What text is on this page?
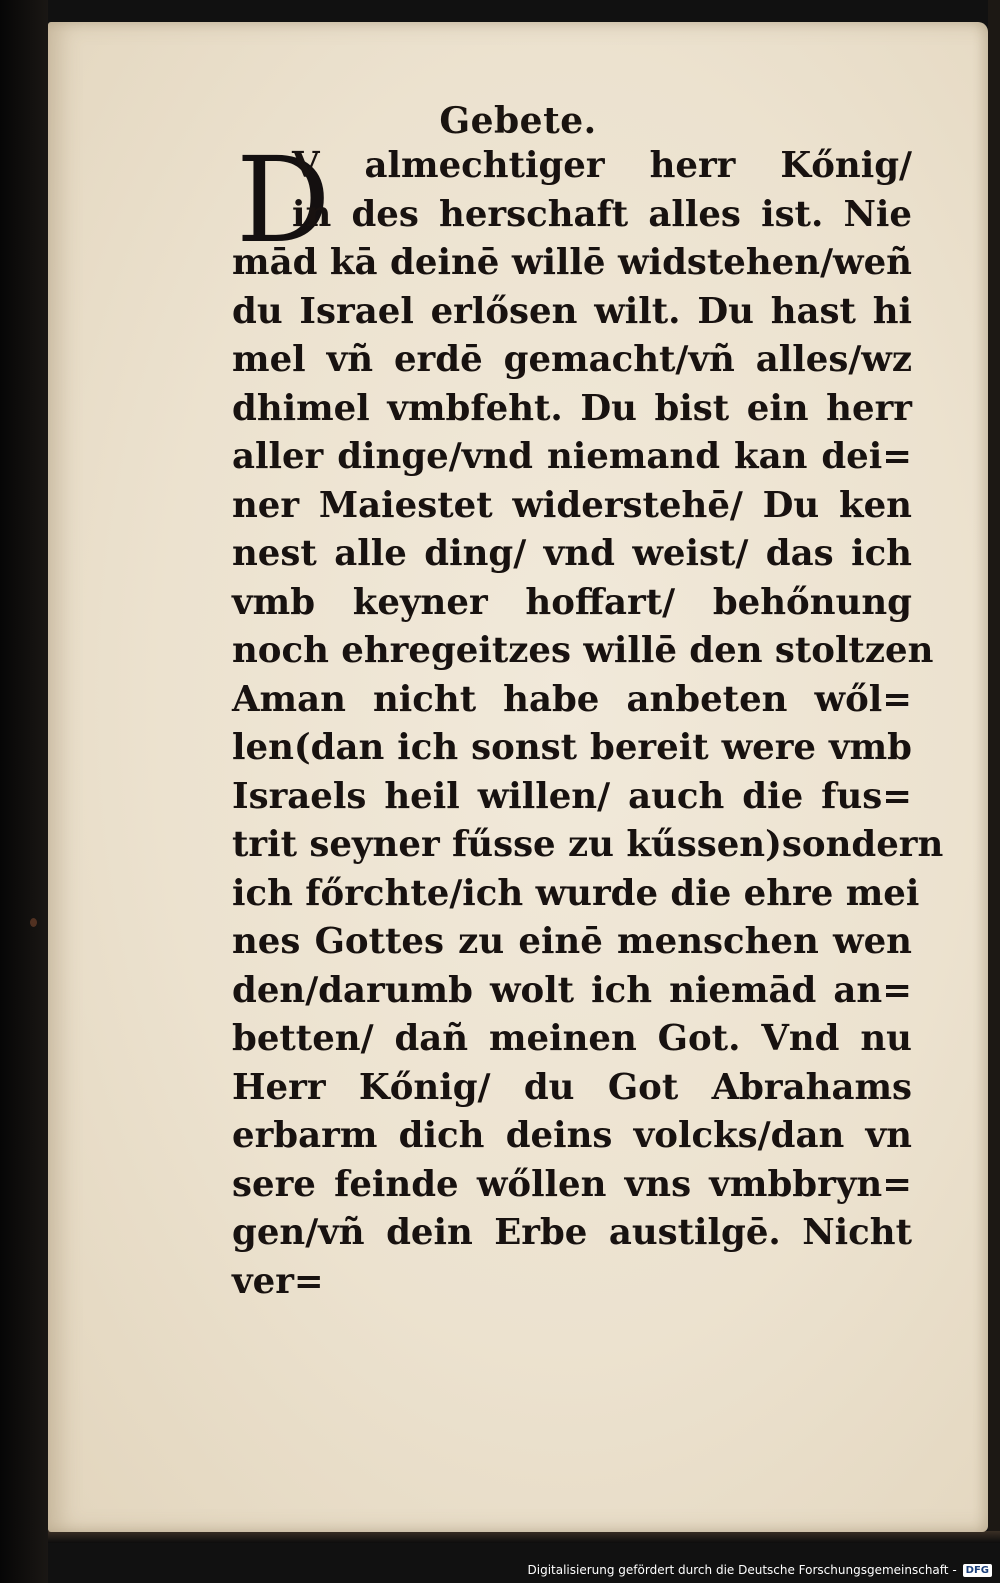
Gebete.
D
V almechtiger herr Kőnig/
in des herschaft alles ist. Nie
mād kā deinē willē widstehen/weñ
du Israel erlősen wilt. Du hast hi
mel vñ erdē gemacht/vñ alles/wz
dhimel vmbfeht. Du bist ein herr
aller dinge/vnd niemand kan dei=
ner Maiestet widerstehē/ Du ken
nest alle ding/ vnd weist/ das ich
vmb keyner hoffart/ behőnung
noch ehregeitzes willē den stoltzen
Aman nicht habe anbeten wől=
len(dan ich sonst bereit were vmb
Israels heil willen/ auch die fus=
trit seyner fűsse zu kűssen)sondern
ich főrchte/ich wurde die ehre mei
nes Gottes zu einē menschen wen
den/darumb wolt ich niemād an=
betten/ dañ meinen Got. Vnd nu
Herr Kőnig/ du Got Abrahams
erbarm dich deins volcks/dan vn
sere feinde wőllen vns vmbbryn=
gen/vñ dein Erbe austilgē. Nicht
ver=
Digitalisierung gefördert durch die Deutsche Forschungsgemeinschaft - DFG
